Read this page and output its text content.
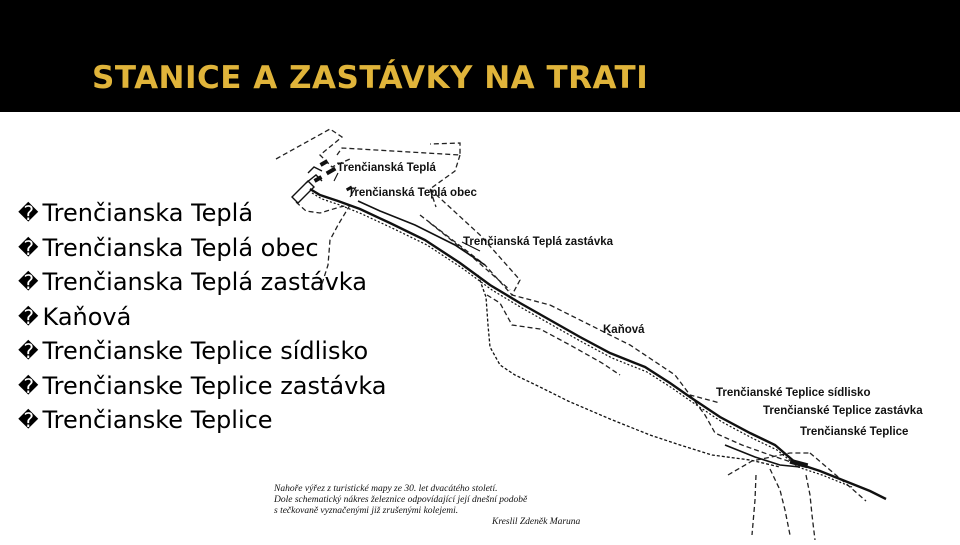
STANICE A ZASTÁVKY NA TRATI
� Trenčianska Teplá
� Trenčianska Teplá obec
� Trenčianska Teplá zastávka
� Kaňová
� Trenčianske Teplice sídlisko
� Trenčianske Teplice zastávka
� Trenčianske Teplice
Trenčianská Teplá
Trenčianská Teplá obec
Trenčianská Teplá zastávka
Kaňová
Trenčianské Teplice sídlisko
Trenčianské Teplice zastávka
Trenčianské Teplice
Nahoře výřez z turistické mapy ze 30. let dvacátého století.
Dole schematický nákres železnice odpovídající její dnešní podobě
s tečkovaně vyznačenými již zrušenými kolejemi.
Kreslil Zdeněk Maruna
